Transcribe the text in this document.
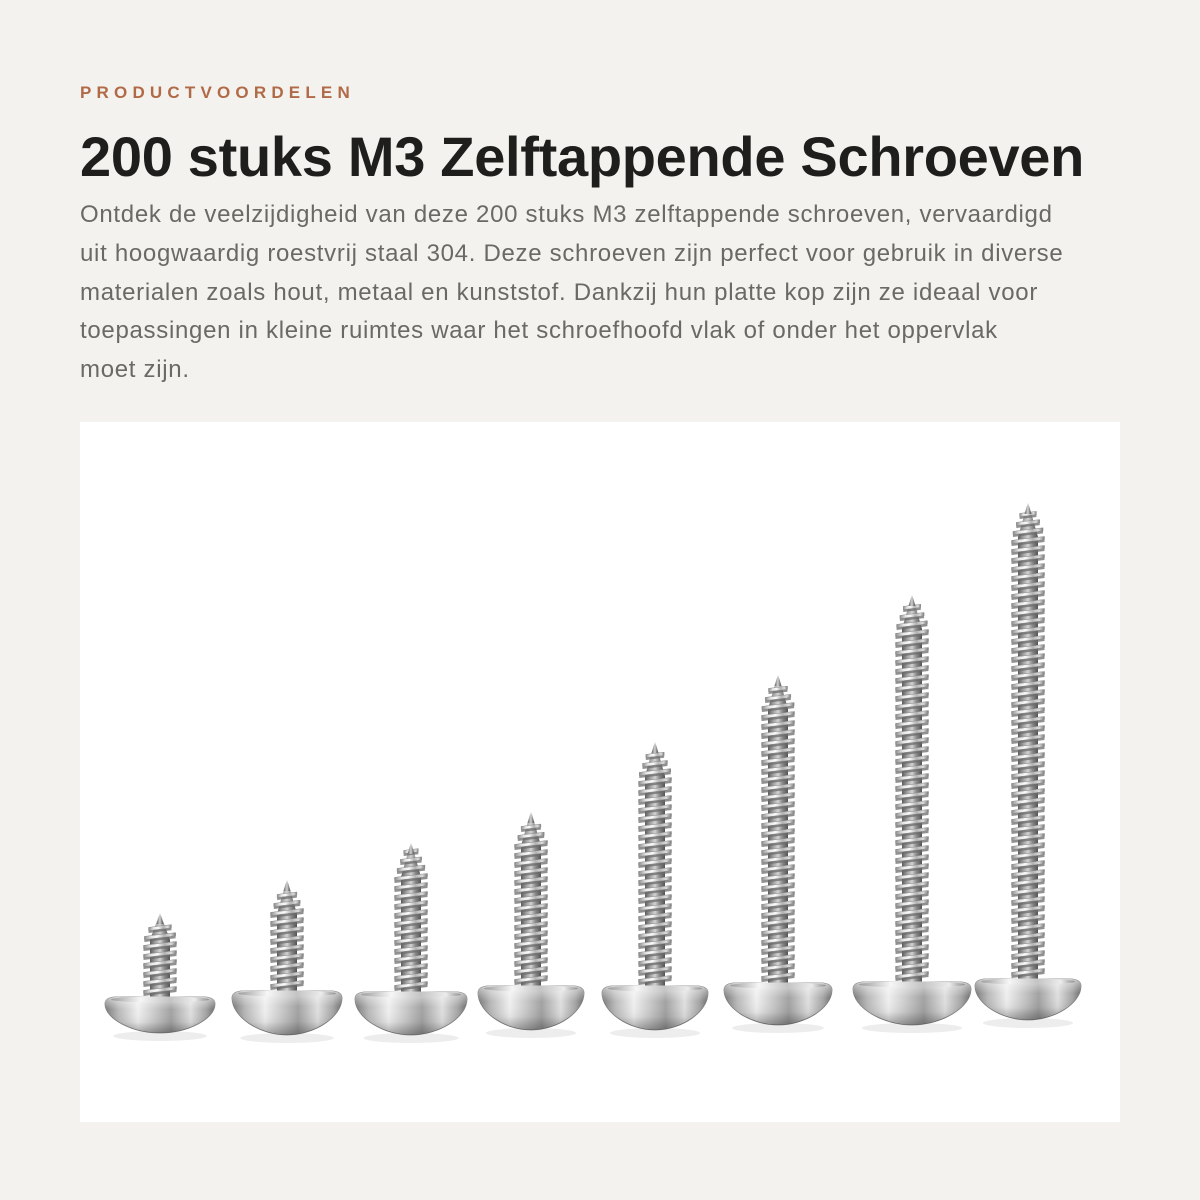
PRODUCTVOORDELEN

200 stuks M3 Zelftappende Schroeven
Ontdek de veelzijdigheid van deze 200 stuks M3 zelftappende schroeven, vervaardigd
uit hoogwaardig roestvrij staal 304. Deze schroeven zijn perfect voor gebruik in diverse
materialen zoals hout, metaal en kunststof. Dankzij hun platte kop zijn ze ideaal voor
toepassingen in kleine ruimtes waar het schroefhoofd vlak of onder het oppervlak
moet zijn.
